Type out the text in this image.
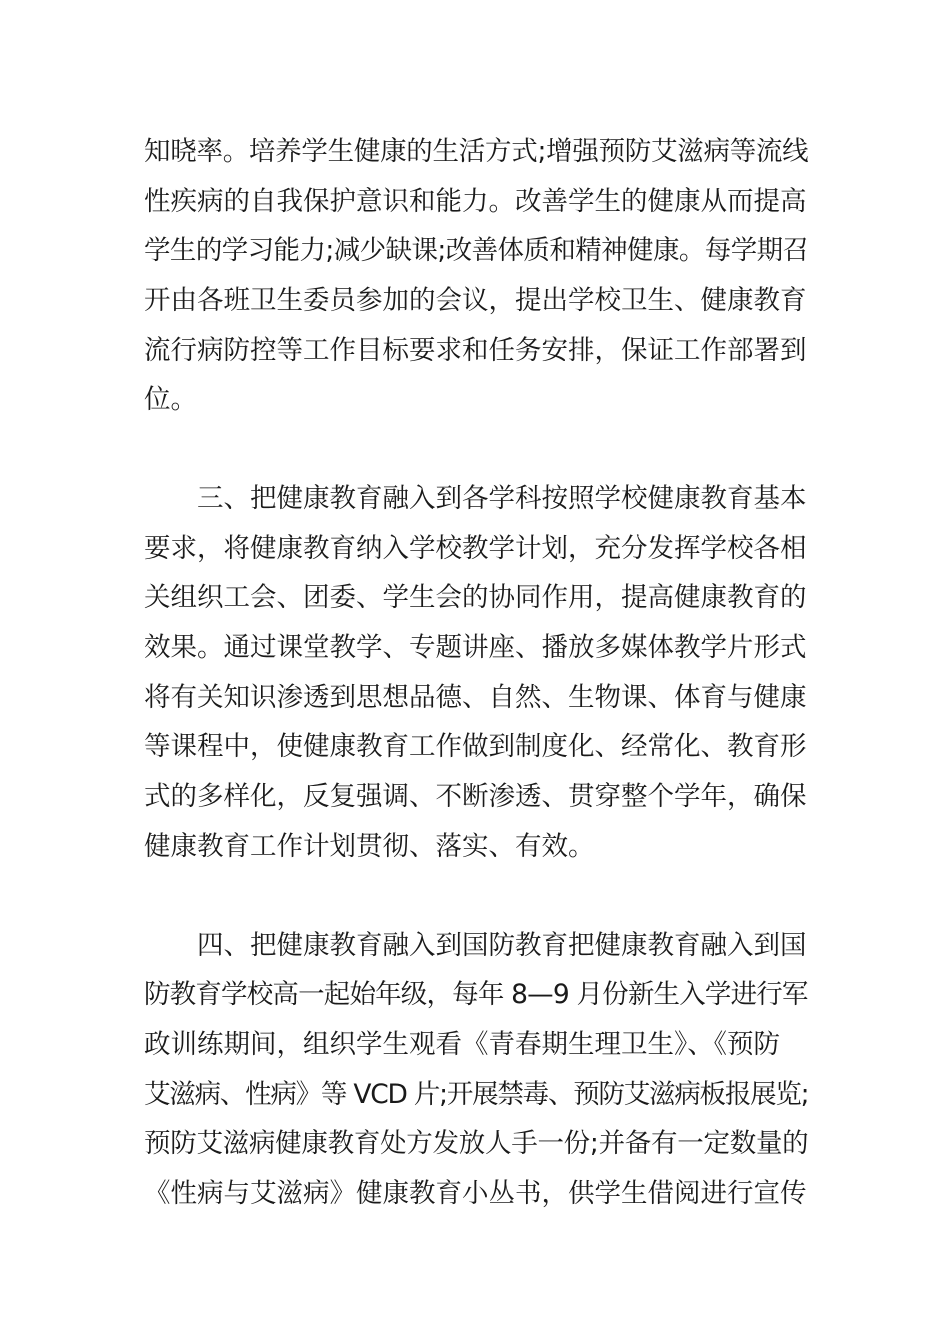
知晓率。培养学生健康的生活方式;增强预防艾滋病等流线

性疾病的自我保护意识和能力。改善学生的健康从而提高

学生的学习能力;减少缺课;改善体质和精神健康。每学期召

开由各班卫生委员参加的会议，提出学校卫生、健康教育

流行病防控等工作目标要求和任务安排，保证工作部署到

位。

三、把健康教育融入到各学科按照学校健康教育基本

要求，将健康教育纳入学校教学计划，充分发挥学校各相

关组织工会、团委、学生会的协同作用，提高健康教育的

效果。通过课堂教学、专题讲座、播放多媒体教学片形式

将有关知识渗透到思想品德、自然、生物课、体育与健康

等课程中，使健康教育工作做到制度化、经常化、教育形

式的多样化，反复强调、不断渗透、贯穿整个学年，确保

健康教育工作计划贯彻、落实、有效。

四、把健康教育融入到国防教育把健康教育融入到国

防教育学校高一起始年级，每年 8—9 月份新生入学进行军

政训练期间，组织学生观看《青春期生理卫生》、《预防

艾滋病、性病》等 VCD 片;开展禁毒、预防艾滋病板报展览;

预防艾滋病健康教育处方发放人手一份;并备有一定数量的

《性病与艾滋病》健康教育小丛书，供学生借阅进行宣传
